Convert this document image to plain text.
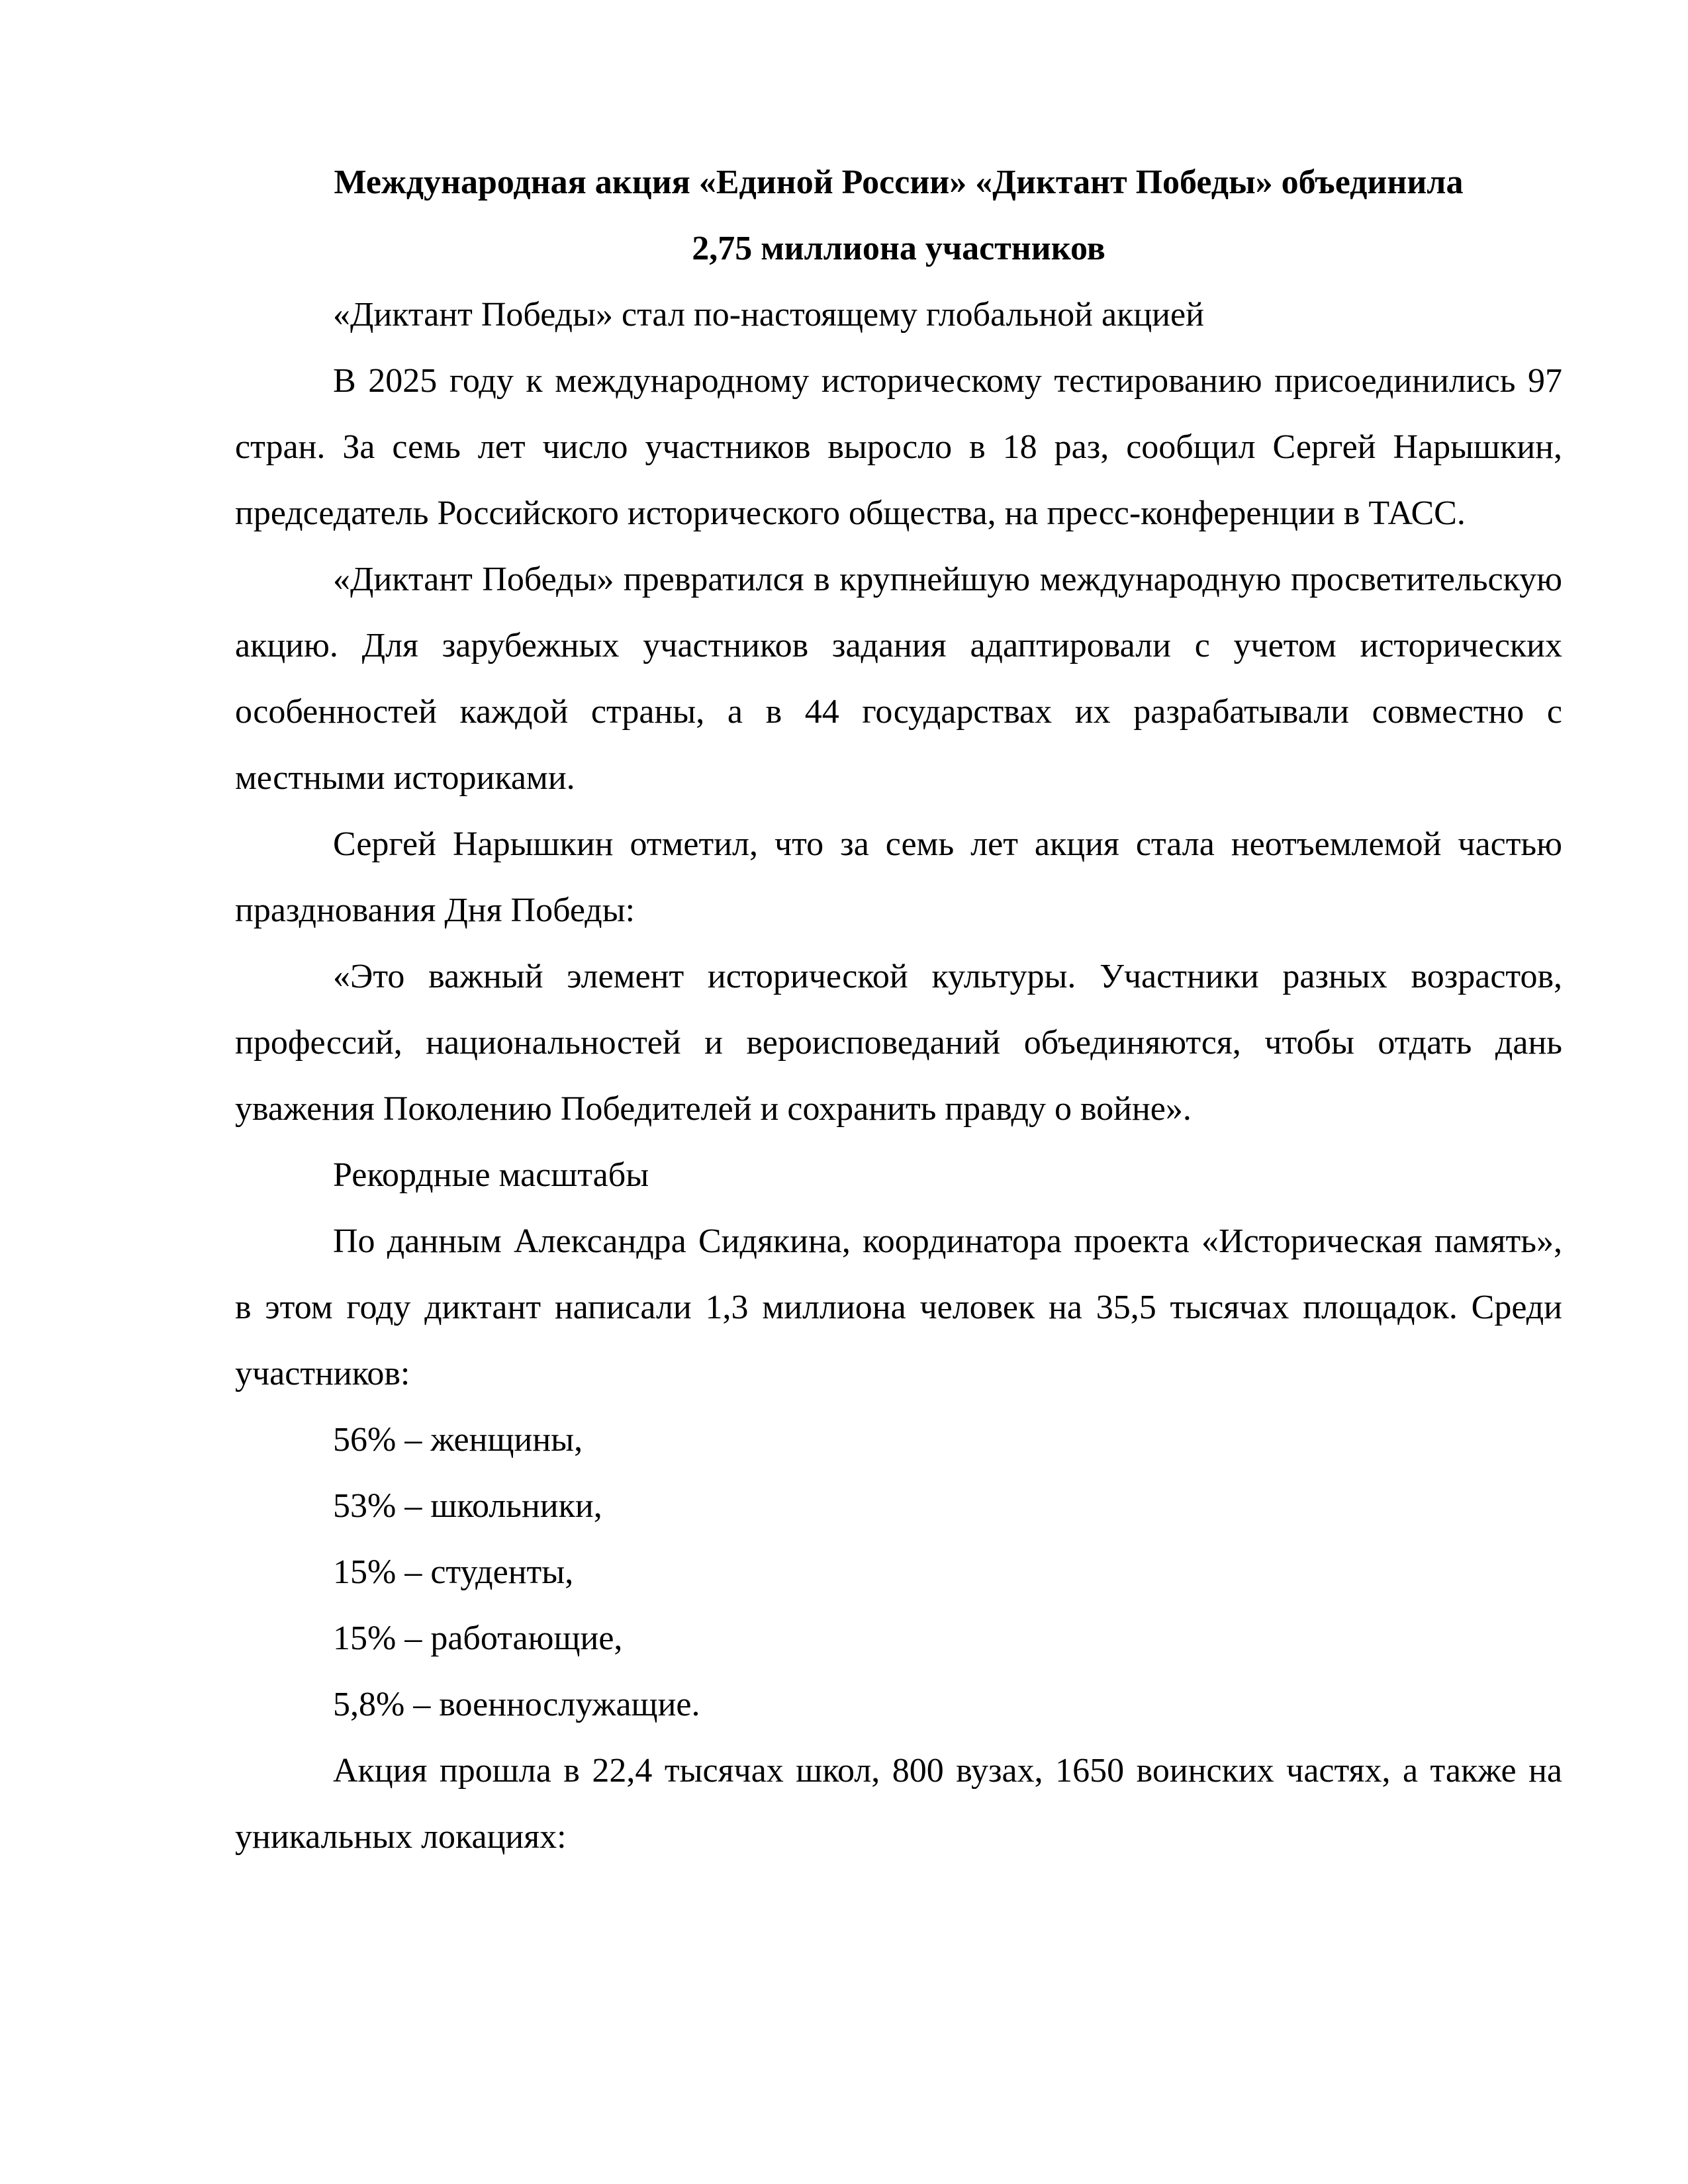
Международная акция «Единой России» «Диктант Победы» объединила
2,75 миллиона участников

«Диктант Победы» стал по-настоящему глобальной акцией

В 2025 году к международному историческому тестированию присоединились 97 стран. За семь лет число участников выросло в 18 раз, сообщил Сергей Нарышкин, председатель Российского исторического общества, на пресс-конференции в ТАСС.

«Диктант Победы» превратился в крупнейшую международную просветительскую акцию. Для зарубежных участников задания адаптировали с учетом исторических особенностей каждой страны, а в 44 государствах их разрабатывали совместно с местными историками.

Сергей Нарышкин отметил, что за семь лет акция стала неотъемлемой частью празднования Дня Победы:

«Это важный элемент исторической культуры. Участники разных возрастов, профессий, национальностей и вероисповеданий объединяются, чтобы отдать дань уважения Поколению Победителей и сохранить правду о войне».

Рекордные масштабы

По данным Александра Сидякина, координатора проекта «Историческая память», в этом году диктант написали 1,3 миллиона человек на 35,5 тысячах площадок. Среди участников:

56% – женщины,

53% – школьники,

15% – студенты,

15% – работающие,

5,8% – военнослужащие.

Акция прошла в 22,4 тысячах школ, 800 вузах, 1650 воинских частях, а также на уникальных локациях:
